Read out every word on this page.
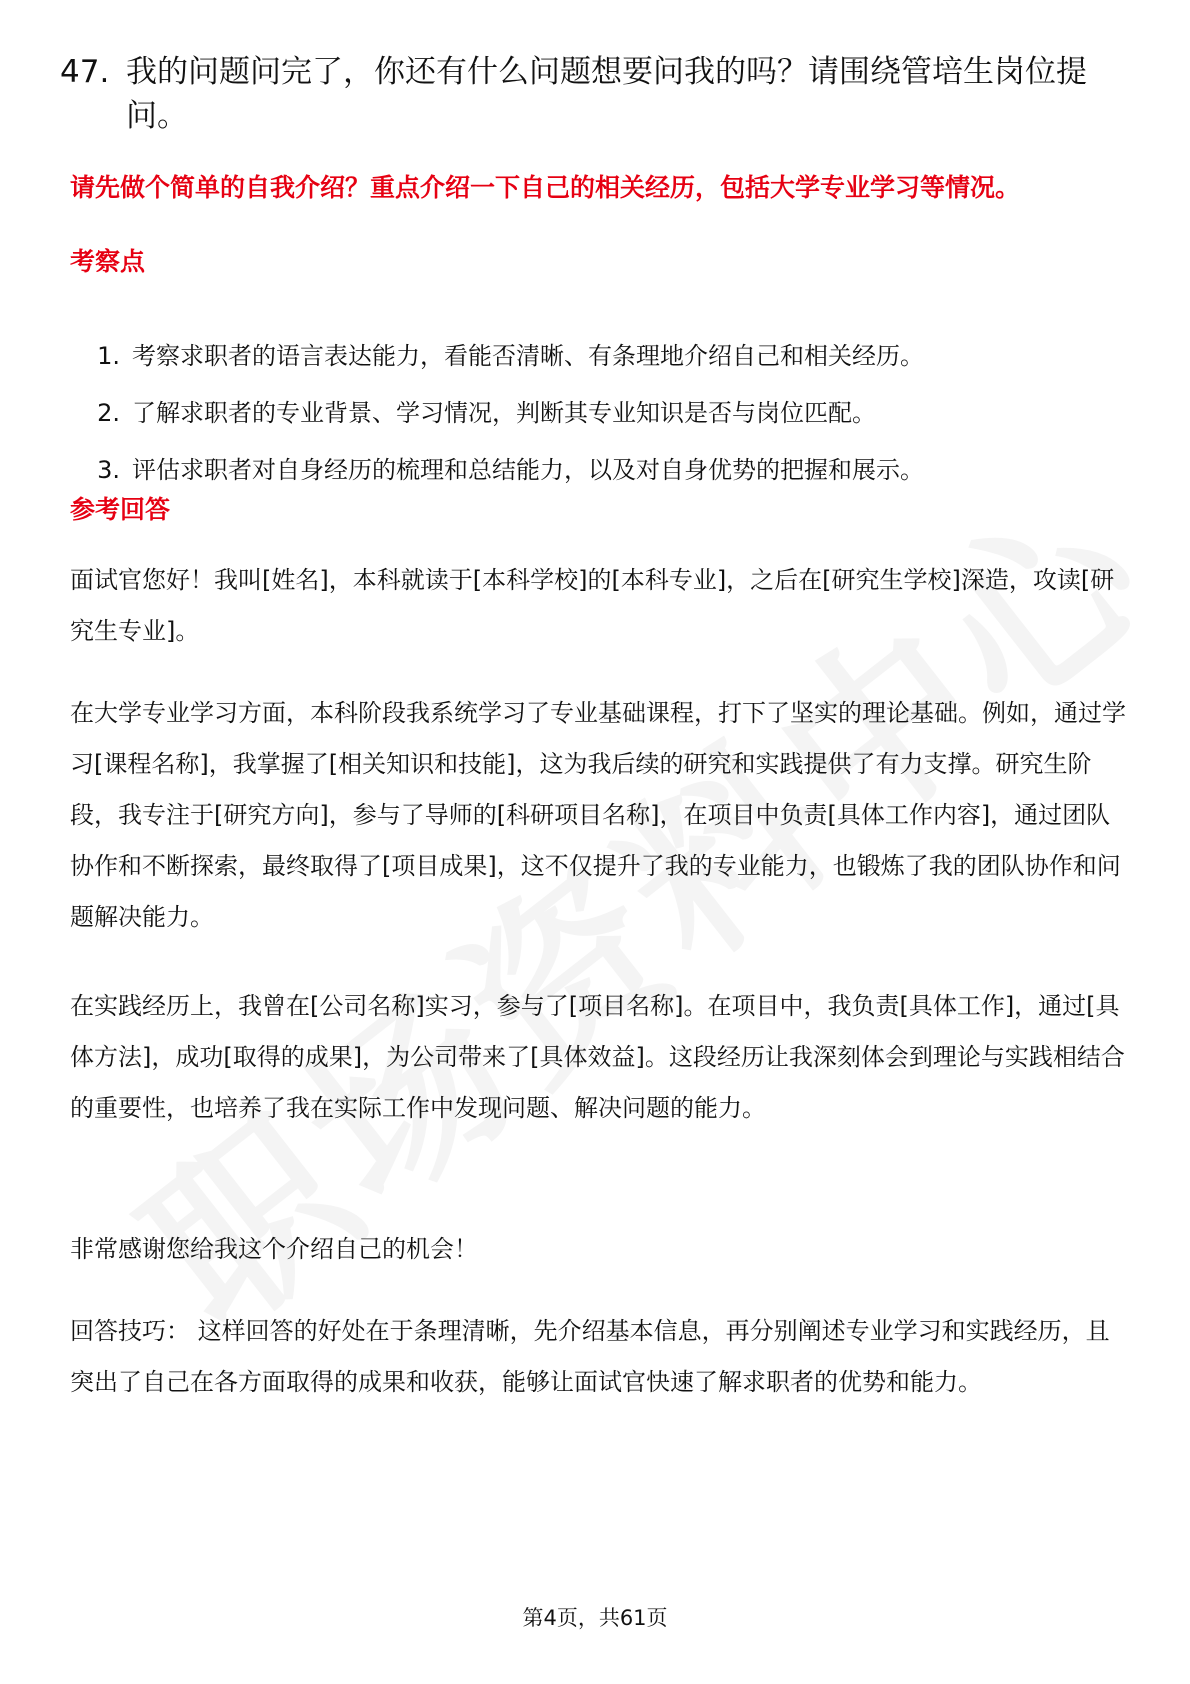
47. 我的问题问完了，你还有什么问题想要问我的吗？请围绕管培生岗位提问。
请先做个简单的自我介绍？重点介绍一下自己的相关经历，包括大学专业学习等情况。
考察点
1. 考察求职者的语言表达能力，看能否清晰、有条理地介绍自己和相关经历。
2. 了解求职者的专业背景、学习情况，判断其专业知识是否与岗位匹配。
3. 评估求职者对自身经历的梳理和总结能力，以及对自身优势的把握和展示。
参考回答
面试官您好！我叫[姓名]，本科就读于[本科学校]的[本科专业]，之后在[研究生学校]深造，攻读[研究生专业]。
在大学专业学习方面，本科阶段我系统学习了专业基础课程，打下了坚实的理论基础。例如，通过学习[课程名称]，我掌握了[相关知识和技能]，这为我后续的研究和实践提供了有力支撑。研究生阶段，我专注于[研究方向]，参与了导师的[科研项目名称]，在项目中负责[具体工作内容]，通过团队协作和不断探索，最终取得了[项目成果]，这不仅提升了我的专业能力，也锻炼了我的团队协作和问题解决能力。
在实践经历上，我曾在[公司名称]实习，参与了[项目名称]。在项目中，我负责[具体工作]，通过[具体方法]，成功[取得的成果]，为公司带来了[具体效益]。这段经历让我深刻体会到理论与实践相结合的重要性，也培养了我在实际工作中发现问题、解决问题的能力。
非常感谢您给我这个介绍自己的机会！
回答技巧： 这样回答的好处在于条理清晰，先介绍基本信息，再分别阐述专业学习和实践经历，且突出了自己在各方面取得的成果和收获，能够让面试官快速了解求职者的优势和能力。
第4页，共61页
